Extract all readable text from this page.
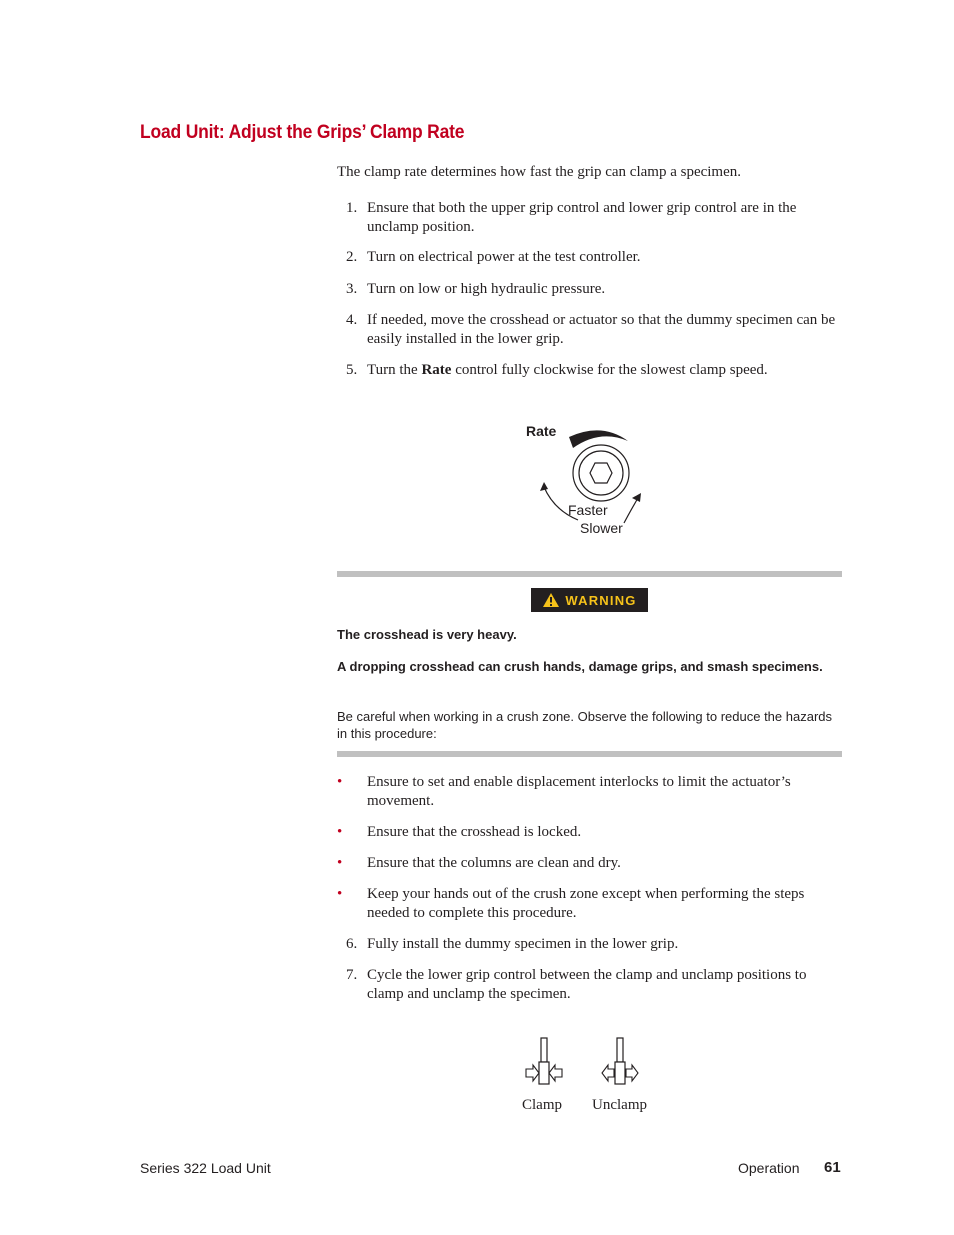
Load Unit: Adjust the Grips’ Clamp Rate
The clamp rate determines how fast the grip can clamp a specimen.
1. Ensure that both the upper grip control and lower grip control are in the unclamp position.
2. Turn on electrical power at the test controller.
3. Turn on low or high hydraulic pressure.
4. If needed, move the crosshead or actuator so that the dummy specimen can be easily installed in the lower grip.
5. Turn the Rate control fully clockwise for the slowest clamp speed.
Rate
Faster
Slower
WARNING
The crosshead is very heavy.
A dropping crosshead can crush hands, damage grips, and smash specimens.
Be careful when working in a crush zone. Observe the following to reduce the hazards in this procedure:
• Ensure to set and enable displacement interlocks to limit the actuator’s movement.
• Ensure that the crosshead is locked.
• Ensure that the columns are clean and dry.
• Keep your hands out of the crush zone except when performing the steps needed to complete this procedure.
6. Fully install the dummy specimen in the lower grip.
7. Cycle the lower grip control between the clamp and unclamp positions to clamp and unclamp the specimen.
Clamp Unclamp
Series 322 Load Unit	Operation 61
